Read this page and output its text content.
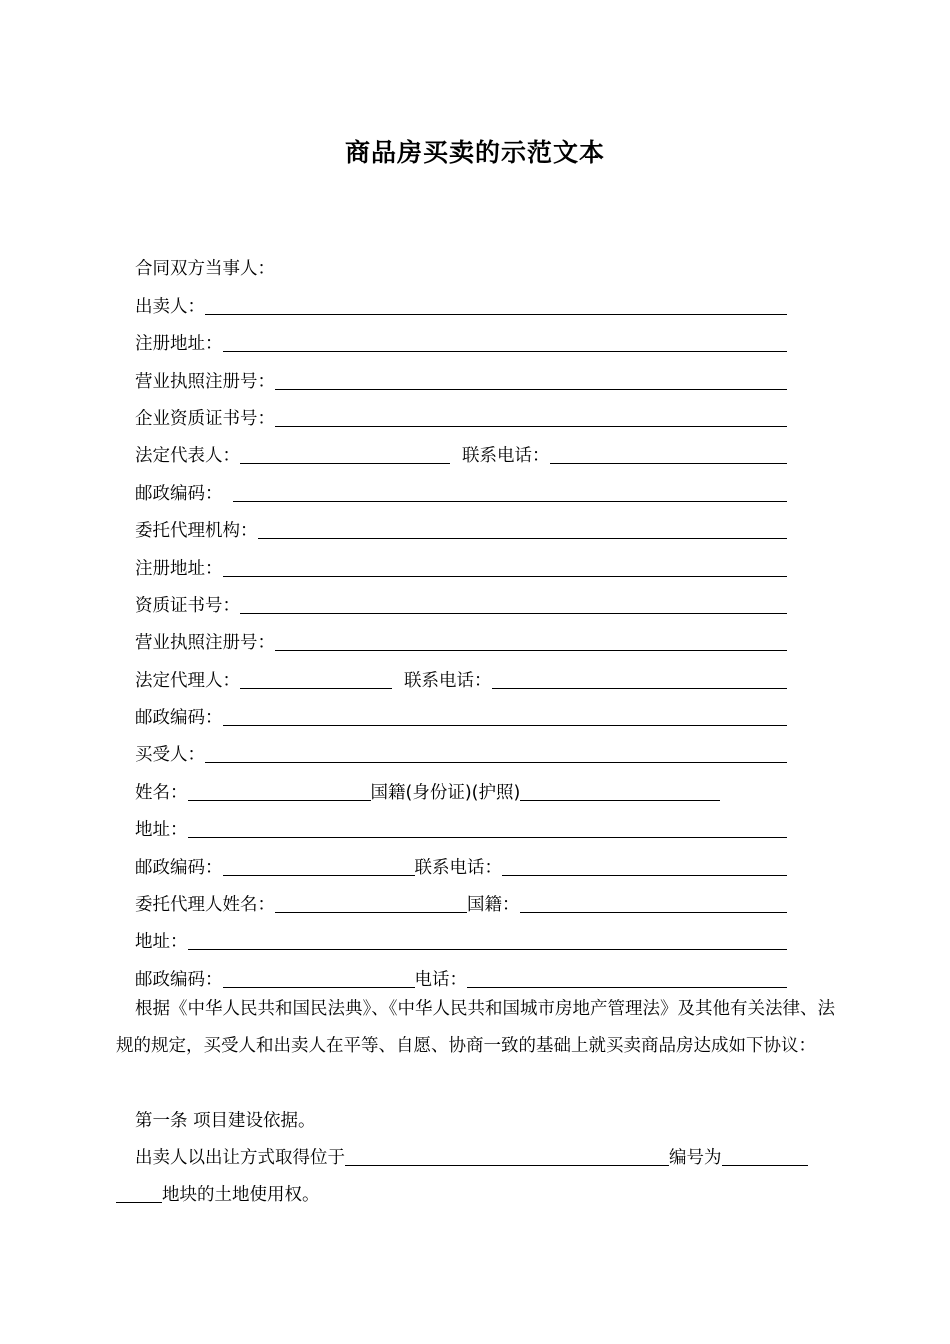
商品房买卖的示范文本
合同双方当事人：
出卖人：
注册地址：
营业执照注册号：
企业资质证书号：
法定代表人：	联系电话：
邮政编码：
委托代理机构：
注册地址：
资质证书号：
营业执照注册号：
法定代理人：	联系电话：
邮政编码：
买受人：
姓名：	国籍(身份证)(护照)
地址：
邮政编码：	联系电话：
委托代理人姓名：	国籍：
地址：
邮政编码：	电话：

根据《中华人民共和国民法典》、《中华人民共和国城市房地产管理法》及其他有关法律、法规的规定，买受人和出卖人在平等、自愿、协商一致的基础上就买卖商品房达成如下协议：

第一条 项目建设依据。

出卖人以出让方式取得位于	编号为
地块的土地使用权。
